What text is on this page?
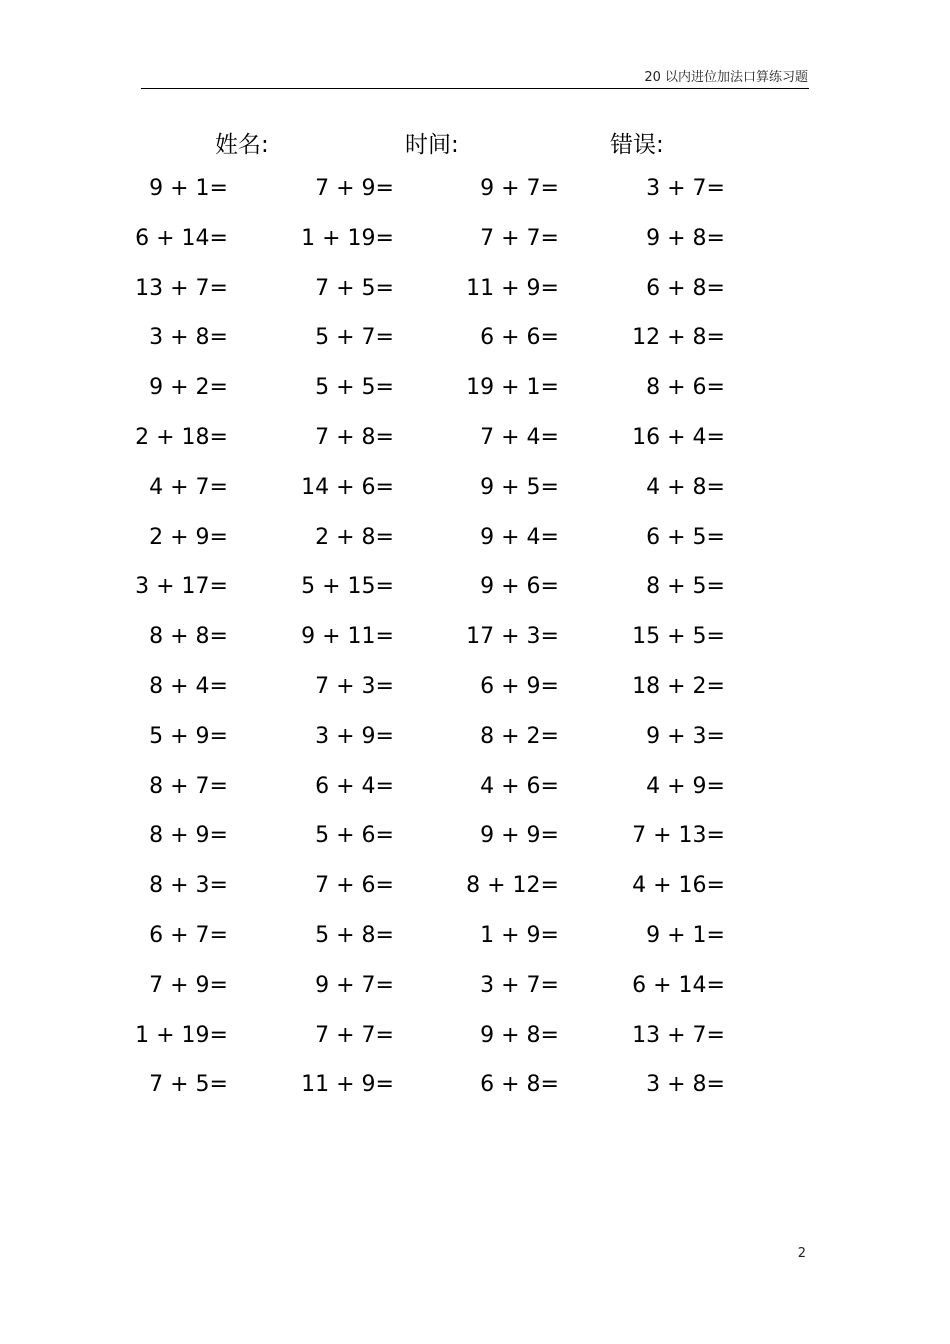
20 以内进位加法口算练习题
姓名:	时间:	错误:
9 + 1=	7 + 9=	9 + 7=	3 + 7=
6 + 14=	1 + 19=	7 + 7=	9 + 8=
13 + 7=	7 + 5=	11 + 9=	6 + 8=
3 + 8=	5 + 7=	6 + 6=	12 + 8=
9 + 2=	5 + 5=	19 + 1=	8 + 6=
2 + 18=	7 + 8=	7 + 4=	16 + 4=
4 + 7=	14 + 6=	9 + 5=	4 + 8=
2 + 9=	2 + 8=	9 + 4=	6 + 5=
3 + 17=	5 + 15=	9 + 6=	8 + 5=
8 + 8=	9 + 11=	17 + 3=	15 + 5=
8 + 4=	7 + 3=	6 + 9=	18 + 2=
5 + 9=	3 + 9=	8 + 2=	9 + 3=
8 + 7=	6 + 4=	4 + 6=	4 + 9=
8 + 9=	5 + 6=	9 + 9=	7 + 13=
8 + 3=	7 + 6=	8 + 12=	4 + 16=
6 + 7=	5 + 8=	1 + 9=	9 + 1=
7 + 9=	9 + 7=	3 + 7=	6 + 14=
1 + 19=	7 + 7=	9 + 8=	13 + 7=
7 + 5=	11 + 9=	6 + 8=	3 + 8=
2
